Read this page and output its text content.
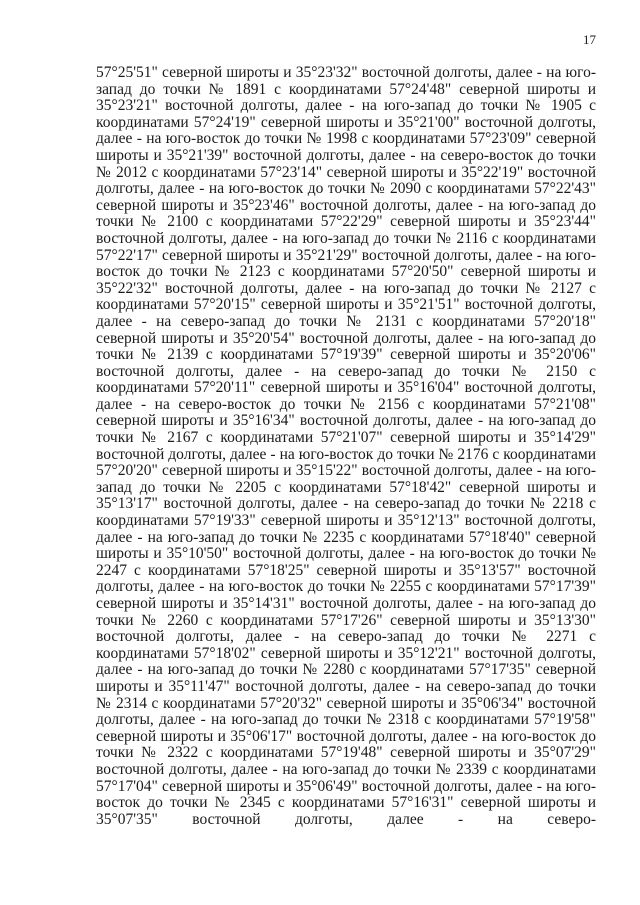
17

57°25'51" северной широты и 35°23'32" восточной долготы, далее - на юго-запад до точки № 1891 с координатами 57°24'48" северной широты и 35°23'21" восточной долготы, далее - на юго-запад до точки № 1905 с координатами 57°24'19" северной широты и 35°21'00" восточной долготы, далее - на юго-восток до точки № 1998 с координатами 57°23'09" северной широты и 35°21'39" восточной долготы, далее - на северо-восток до точки № 2012 с координатами 57°23'14" северной широты и 35°22'19" восточной долготы, далее - на юго-восток до точки № 2090 с координатами 57°22'43" северной широты и 35°23'46" восточной долготы, далее - на юго-запад до точки № 2100 с координатами 57°22'29" северной широты и 35°23'44" восточной долготы, далее - на юго-запад до точки № 2116 с координатами 57°22'17" северной широты и 35°21'29" восточной долготы, далее - на юго-восток до точки № 2123 с координатами 57°20'50" северной широты и 35°22'32" восточной долготы, далее - на юго-запад до точки № 2127 с координатами 57°20'15" северной широты и 35°21'51" восточной долготы, далее - на северо-запад до точки № 2131 с координатами 57°20'18" северной широты и 35°20'54" восточной долготы, далее - на юго-запад до точки № 2139 с координатами 57°19'39" северной широты и 35°20'06" восточной долготы, далее - на северо-запад до точки № 2150 с координатами 57°20'11" северной широты и 35°16'04" восточной долготы, далее - на северо-восток до точки № 2156 с координатами 57°21'08" северной широты и 35°16'34" восточной долготы, далее - на юго-запад до точки № 2167 с координатами 57°21'07" северной широты и 35°14'29" восточной долготы, далее - на юго-восток до точки № 2176 с координатами 57°20'20" северной широты и 35°15'22" восточной долготы, далее - на юго-запад до точки № 2205 с координатами 57°18'42" северной широты и 35°13'17" восточной долготы, далее - на северо-запад до точки № 2218 с координатами 57°19'33" северной широты и 35°12'13" восточной долготы, далее - на юго-запад до точки № 2235 с координатами 57°18'40" северной широты и 35°10'50" восточной долготы, далее - на юго-восток до точки № 2247 с координатами 57°18'25" северной широты и 35°13'57" восточной долготы, далее - на юго-восток до точки № 2255 с координатами 57°17'39" северной широты и 35°14'31" восточной долготы, далее - на юго-запад до точки № 2260 с координатами 57°17'26" северной широты и 35°13'30" восточной долготы, далее - на северо-запад до точки № 2271 с координатами 57°18'02" северной широты и 35°12'21" восточной долготы, далее - на юго-запад до точки № 2280 с координатами 57°17'35" северной широты и 35°11'47" восточной долготы, далее - на северо-запад до точки № 2314 с координатами 57°20'32" северной широты и 35°06'34" восточной долготы, далее - на юго-запад до точки № 2318 с координатами 57°19'58" северной широты и 35°06'17" восточной долготы, далее - на юго-восток до точки № 2322 с координатами 57°19'48" северной широты и 35°07'29" восточной долготы, далее - на юго-запад до точки № 2339 с координатами 57°17'04" северной широты и 35°06'49" восточной долготы, далее - на юго-восток до точки № 2345 с координатами 57°16'31" северной широты и 35°07'35" восточной долготы, далее - на северо-
